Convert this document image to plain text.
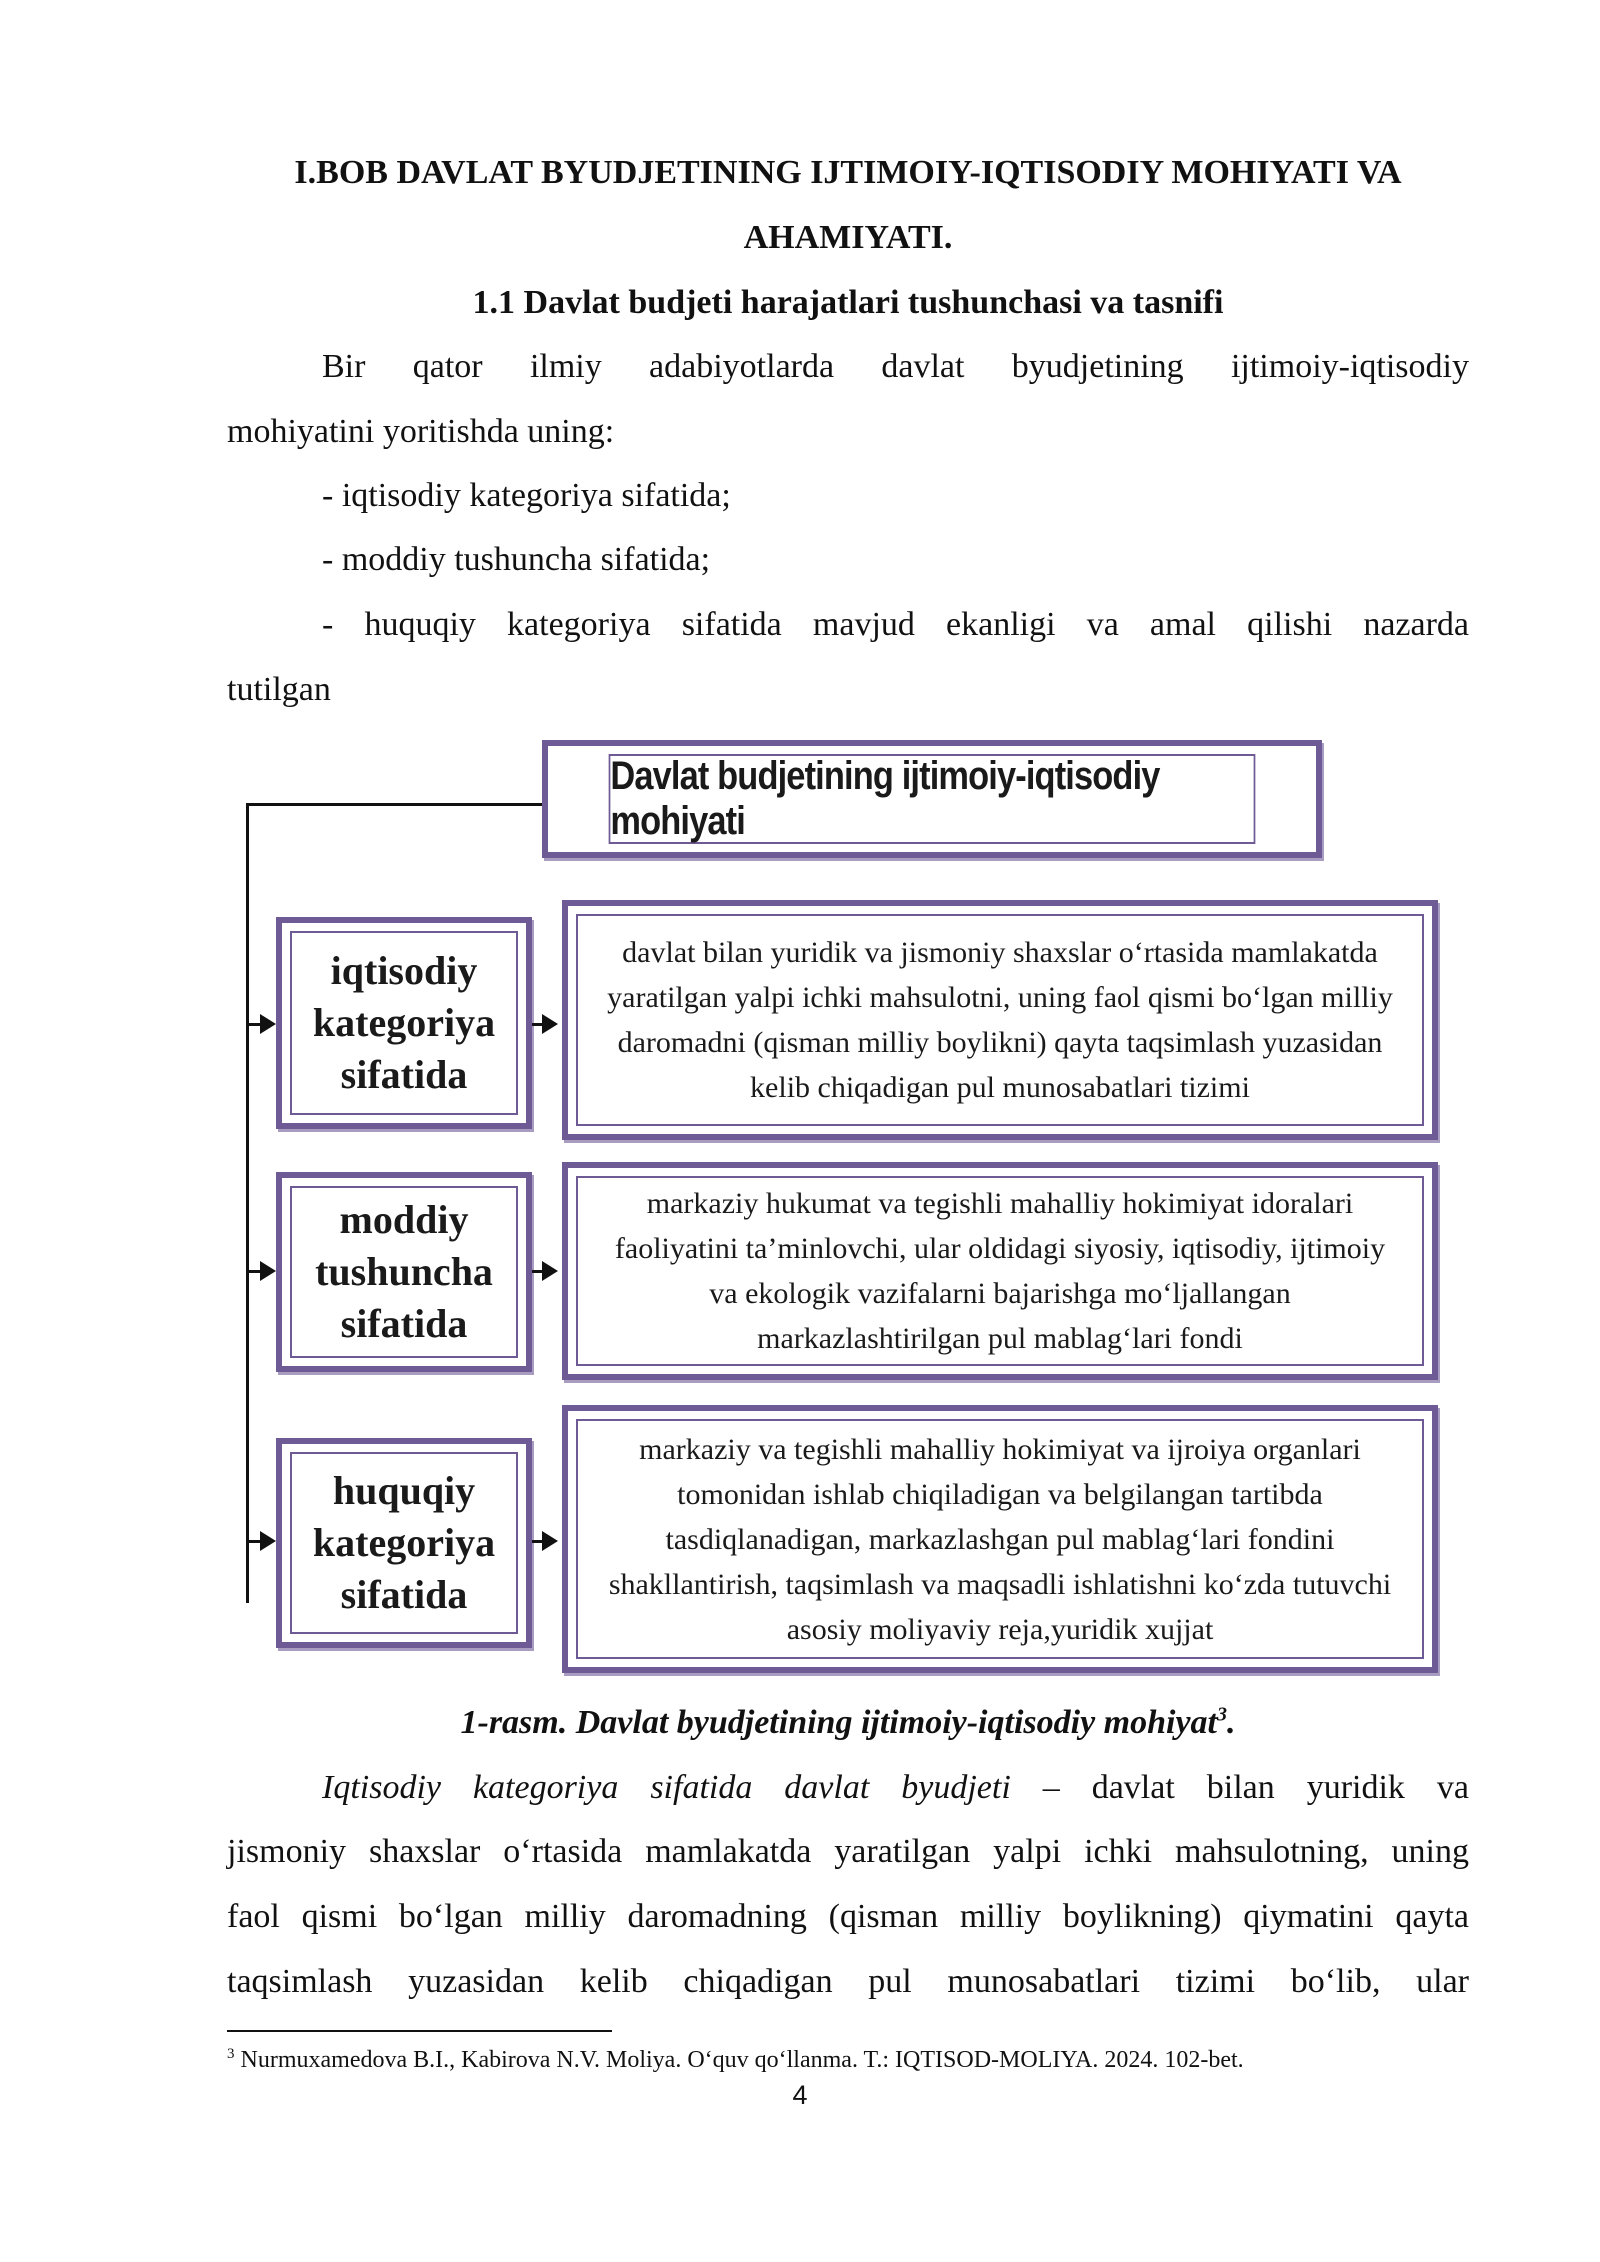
I.BOB DAVLAT BYUDJETINING IJTIMOIY-IQTISODIY MOHIYATI VA
AHAMIYATI.
1.1 Davlat budjeti harajatlari tushunchasi va tasnifi
Bir qator ilmiy adabiyotlarda davlat byudjetining ijtimoiy-iqtisodiy
mohiyatini yoritishda uning:
- iqtisodiy kategoriya sifatida;
- moddiy tushuncha sifatida;
- huquqiy kategoriya sifatida mavjud ekanligi va amal qilishi nazarda
tutilgan
Davlat budjetining ijtimoiy-iqtisodiy mohiyati
iqtisodiy
kategoriya
sifatida
davlat bilan yuridik va jismoniy shaxslar o‘rtasida mamlakatda
yaratilgan yalpi ichki mahsulotni, uning faol qismi bo‘lgan milliy
daromadni (qisman milliy boylikni) qayta taqsimlash yuzasidan
kelib chiqadigan pul munosabatlari tizimi
moddiy
tushuncha
sifatida
markaziy hukumat va tegishli mahalliy hokimiyat idoralari
faoliyatini ta’minlovchi, ular oldidagi siyosiy, iqtisodiy, ijtimoiy
va ekologik vazifalarni bajarishga mo‘ljallangan
markazlashtirilgan pul mablag‘lari fondi
huquqiy
kategoriya
sifatida
markaziy va tegishli mahalliy hokimiyat va ijroiya organlari
tomonidan ishlab chiqiladigan va belgilangan tartibda
tasdiqlanadigan, markazlashgan pul mablag‘lari fondini
shakllantirish, taqsimlash va maqsadli ishlatishni ko‘zda tutuvchi
asosiy moliyaviy reja,yuridik xujjat
1-rasm. Davlat byudjetining ijtimoiy-iqtisodiy mohiyat$^3$.
Iqtisodiy kategoriya sifatida davlat byudjeti – davlat bilan yuridik va
jismoniy shaxslar o‘rtasida mamlakatda yaratilgan yalpi ichki mahsulotning, uning
faol qismi bo‘lgan milliy daromadning (qisman milliy boylikning) qiymatini qayta
taqsimlash yuzasidan kelib chiqadigan pul munosabatlari tizimi bo‘lib, ular
$^3$ Nurmuxamedova B.I., Kabirova N.V. Moliya. O‘quv qo‘llanma. T.: IQTISOD-MOLIYA. 2024. 102-bet.
4
